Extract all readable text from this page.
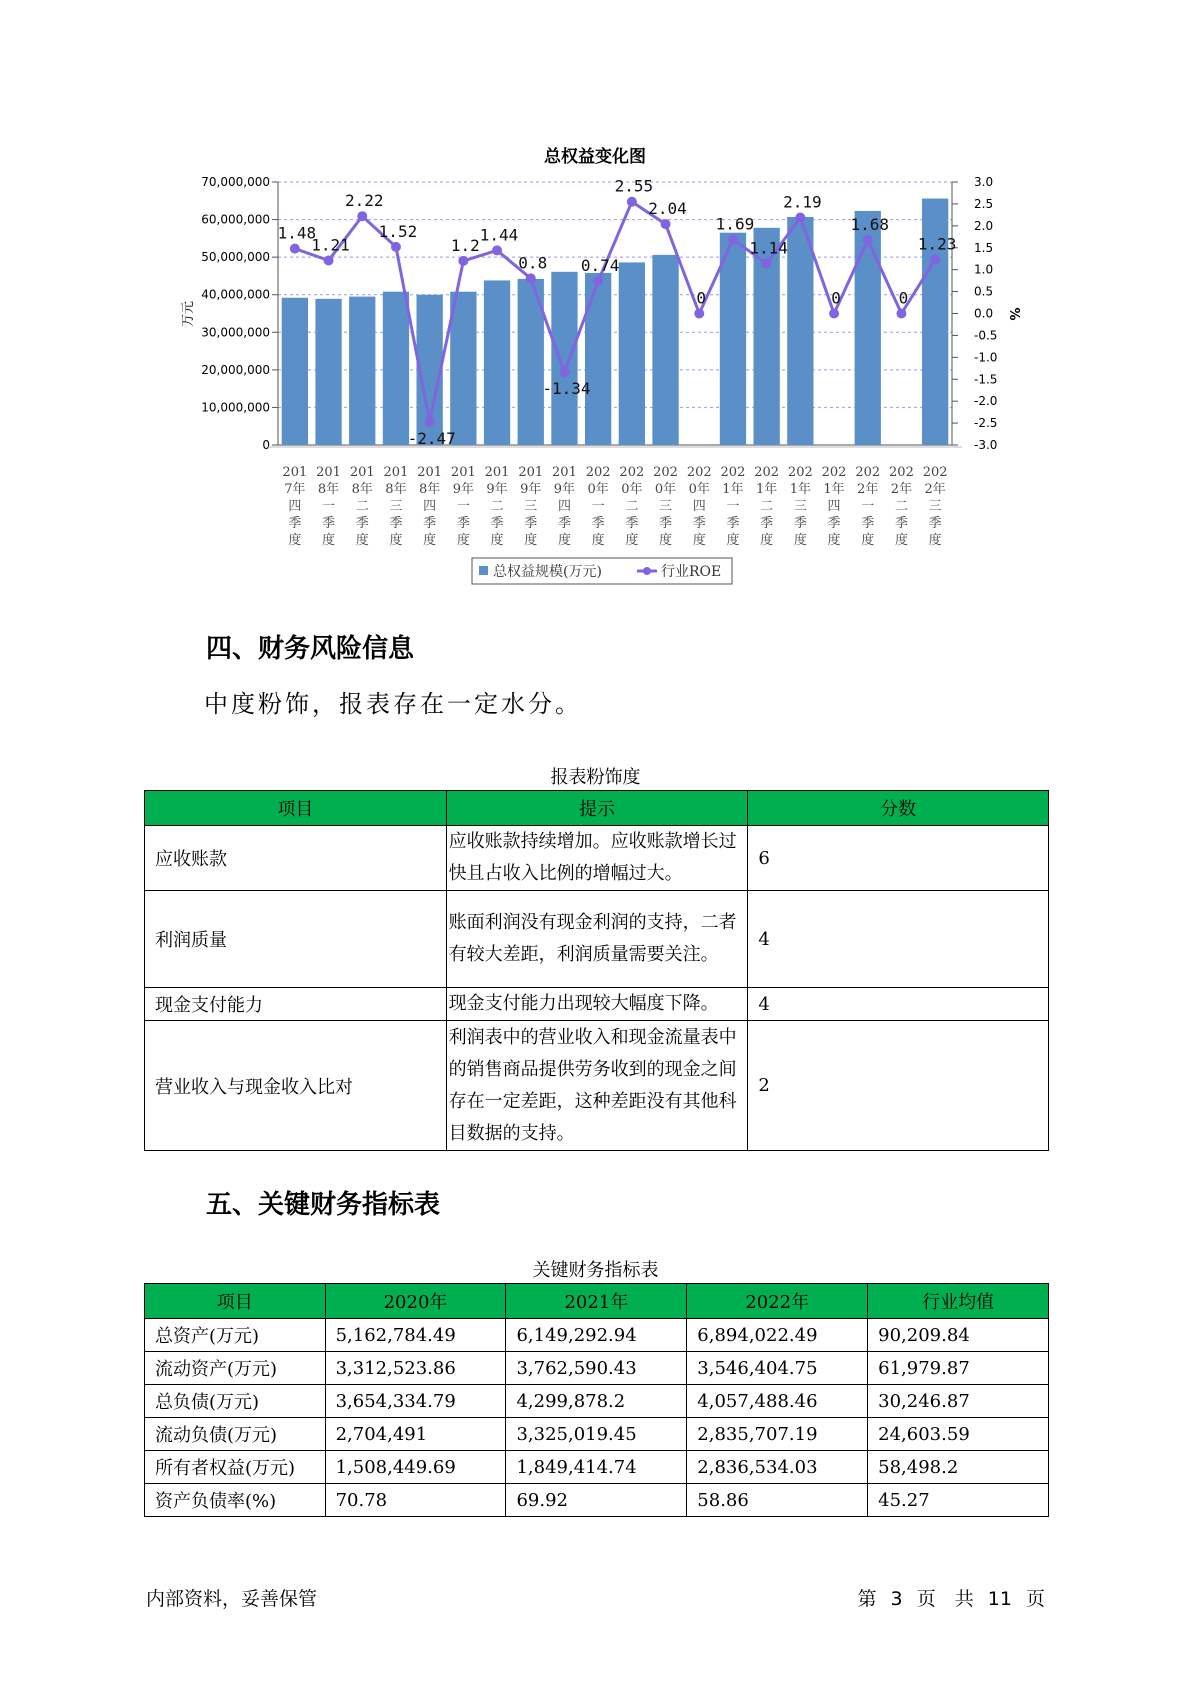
总权益变化图
70,000,000
60,000,000
50,000,000
40,000,000
30,000,000
20,000,000
10,000,000
0
3.0
2.5
2.0
1.5
1.0
0.5
0.0
-0.5
-1.0
-1.5
-2.0
-2.5
-3.0
万元	%
201
7年
四
季
度
201
8年
一
季
度
201
8年
二
季
度
201
8年
三
季
度
201
8年
四
季
度
201
9年
一
季
度
201
9年
二
季
度
201
9年
三
季
度
201
9年
四
季
度
202
0年
一
季
度
202
0年
二
季
度
202
0年
三
季
度
202
0年
四
季
度
202
1年
一
季
度
202
1年
二
季
度
202
1年
三
季
度
202
1年
四
季
度
202
2年
一
季
度
202
2年
二
季
度
202
2年
三
季
度
1.48
1.21
2.22
1.52
-2.47
1.2
1.44
0.8
-1.34
0.74
2.55
2.04
0
1.69
1.14
2.19
0
1.68
0
1.23
总权益规模(万元)	行业ROE
四、财务风险信息
中度粉饰，报表存在一定水分。
报表粉饰度
项目	提示	分数
应收账款	应收账款持续增加。应收账款增长过快且占收入比例的增幅过大。	6
利润质量	账面利润没有现金利润的支持，二者有较大差距，利润质量需要关注。	4
现金支付能力	现金支付能力出现较大幅度下降。	4
营业收入与现金收入比对	利润表中的营业收入和现金流量表中的销售商品提供劳务收到的现金之间存在一定差距，这种差距没有其他科目数据的支持。	2
五、关键财务指标表
关键财务指标表
项目	2020年	2021年	2022年	行业均值
总资产(万元)	5,162,784.49	6,149,292.94	6,894,022.49	90,209.84
流动资产(万元)	3,312,523.86	3,762,590.43	3,546,404.75	61,979.87
总负债(万元)	3,654,334.79	4,299,878.2	4,057,488.46	30,246.87
流动负债(万元)	2,704,491	3,325,019.45	2,835,707.19	24,603.59
所有者权益(万元)	1,508,449.69	1,849,414.74	2,836,534.03	58,498.2
资产负债率(%)	70.78	69.92	58.86	45.27
内部资料，妥善保管	第 3 页　共 11 页
